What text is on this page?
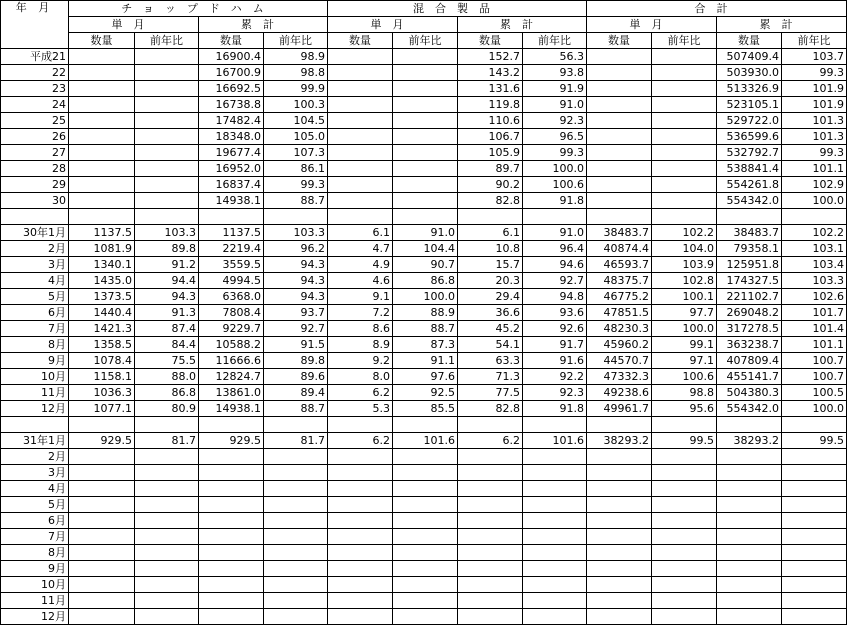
年 月	チョップドハム				混合製品				合計			
	単月		累計		単月		累計		単月		累計	
	数量	前年比	数量	前年比	数量	前年比	数量	前年比	数量	前年比	数量	前年比
平成21			16900.4	98.9			152.7	56.3			507409.4	103.7
22			16700.9	98.8			143.2	93.8			503930.0	99.3
23			16692.5	99.9			131.6	91.9			513326.9	101.9
24			16738.8	100.3			119.8	91.0			523105.1	101.9
25			17482.4	104.5			110.6	92.3			529722.0	101.3
26			18348.0	105.0			106.7	96.5			536599.6	101.3
27			19677.4	107.3			105.9	99.3			532792.7	99.3
28			16952.0	86.1			89.7	100.0			538841.4	101.1
29			16837.4	99.3			90.2	100.6			554261.8	102.9
30			14938.1	88.7			82.8	91.8			554342.0	100.0

30年1月	1137.5	103.3	1137.5	103.3	6.1	91.0	6.1	91.0	38483.7	102.2	38483.7	102.2
2月	1081.9	89.8	2219.4	96.2	4.7	104.4	10.8	96.4	40874.4	104.0	79358.1	103.1
3月	1340.1	91.2	3559.5	94.3	4.9	90.7	15.7	94.6	46593.7	103.9	125951.8	103.4
4月	1435.0	94.4	4994.5	94.3	4.6	86.8	20.3	92.7	48375.7	102.8	174327.5	103.3
5月	1373.5	94.3	6368.0	94.3	9.1	100.0	29.4	94.8	46775.2	100.1	221102.7	102.6
6月	1440.4	91.3	7808.4	93.7	7.2	88.9	36.6	93.6	47851.5	97.7	269048.2	101.7
7月	1421.3	87.4	9229.7	92.7	8.6	88.7	45.2	92.6	48230.3	100.0	317278.5	101.4
8月	1358.5	84.4	10588.2	91.5	8.9	87.3	54.1	91.7	45960.2	99.1	363238.7	101.1
9月	1078.4	75.5	11666.6	89.8	9.2	91.1	63.3	91.6	44570.7	97.1	407809.4	100.7
10月	1158.1	88.0	12824.7	89.6	8.0	97.6	71.3	92.2	47332.3	100.6	455141.7	100.7
11月	1036.3	86.8	13861.0	89.4	6.2	92.5	77.5	92.3	49238.6	98.8	504380.3	100.5
12月	1077.1	80.9	14938.1	88.7	5.3	85.5	82.8	91.8	49961.7	95.6	554342.0	100.0

31年1月	929.5	81.7	929.5	81.7	6.2	101.6	6.2	101.6	38293.2	99.5	38293.2	99.5
2月												
3月												
4月												
5月												
6月												
7月												
8月												
9月												
10月												
11月												
12月												
